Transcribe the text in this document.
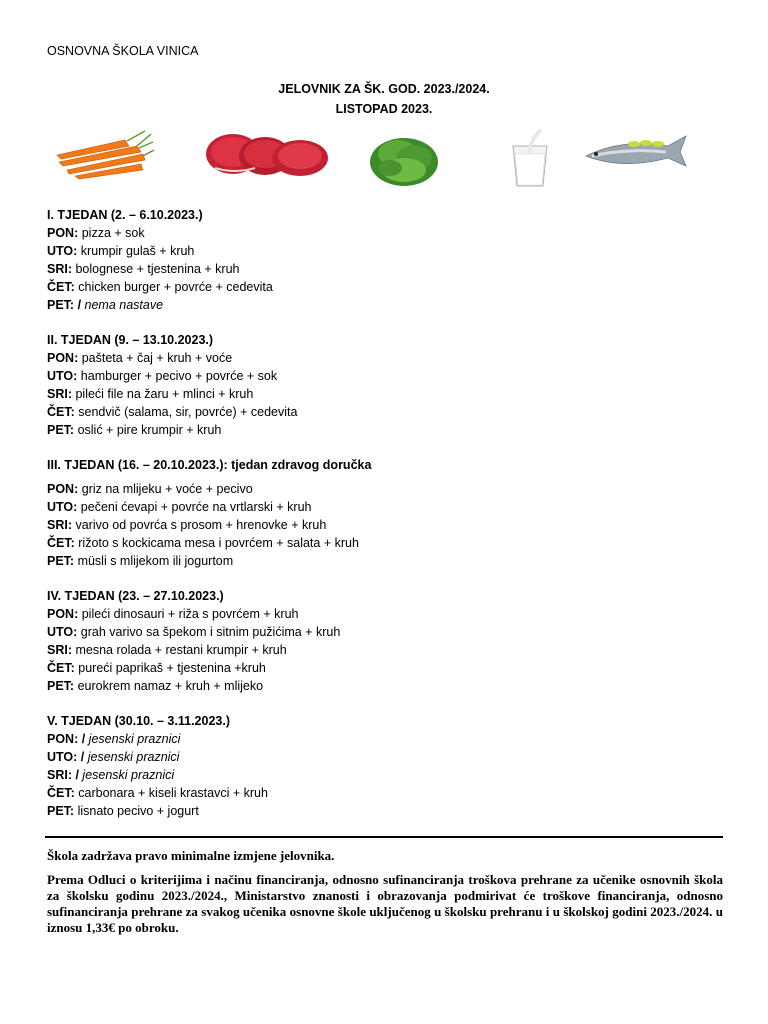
OSNOVNA ŠKOLA VINICA
JELOVNIK ZA ŠK. GOD. 2023./2024.
LISTOPAD 2023.
I. TJEDAN (2. – 6.10.2023.)
PON: pizza + sok
UTO: krumpir gulaš + kruh
SRI: bolognese + tjestenina + kruh
ČET: chicken burger + povrće + cedevita
PET: / nema nastave
II. TJEDAN (9. – 13.10.2023.)
PON: pašteta + čaj + kruh + voće
UTO: hamburger + pecivo + povrće + sok
SRI: pileći file na žaru + mlinci + kruh
ČET: sendvič (salama, sir, povrće) + cedevita
PET: oslić + pire krumpir + kruh
III. TJEDAN (16. – 20.10.2023.): tjedan zdravog doručka
PON: griz na mlijeku + voće + pecivo
UTO: pečeni ćevapi + povrće na vrtlarski + kruh
SRI: varivo od povrća s prosom + hrenovke + kruh
ČET: rižoto s kockicama mesa i povrćem + salata + kruh
PET: müsli s mlijekom ili jogurtom
IV. TJEDAN (23. – 27.10.2023.)
PON: pileći dinosauri + riža s povrćem + kruh
UTO: grah varivo sa špekom i sitnim pužićima + kruh
SRI: mesna rolada + restani krumpir + kruh
ČET: pureći paprikaš + tjestenina +kruh
PET: eurokrem namaz + kruh + mlijeko
V. TJEDAN (30.10. – 3.11.2023.)
PON: / jesenski praznici
UTO: / jesenski praznici
SRI: / jesenski praznici
ČET: carbonara + kiseli krastavci + kruh
PET: lisnato pecivo + jogurt

Škola zadržava pravo minimalne izmjene jelovnika.

Prema Odluci o kriterijima i načinu financiranja, odnosno sufinanciranja troškova prehrane za učenike osnovnih škola za školsku godinu 2023./2024., Ministarstvo znanosti i obrazovanja podmirivat će troškove financiranja, odnosno sufinanciranja prehrane za svakog učenika osnovne škole uključenog u školsku prehranu i u školskoj godini 2023./2024. u iznosu 1,33€ po obroku.
